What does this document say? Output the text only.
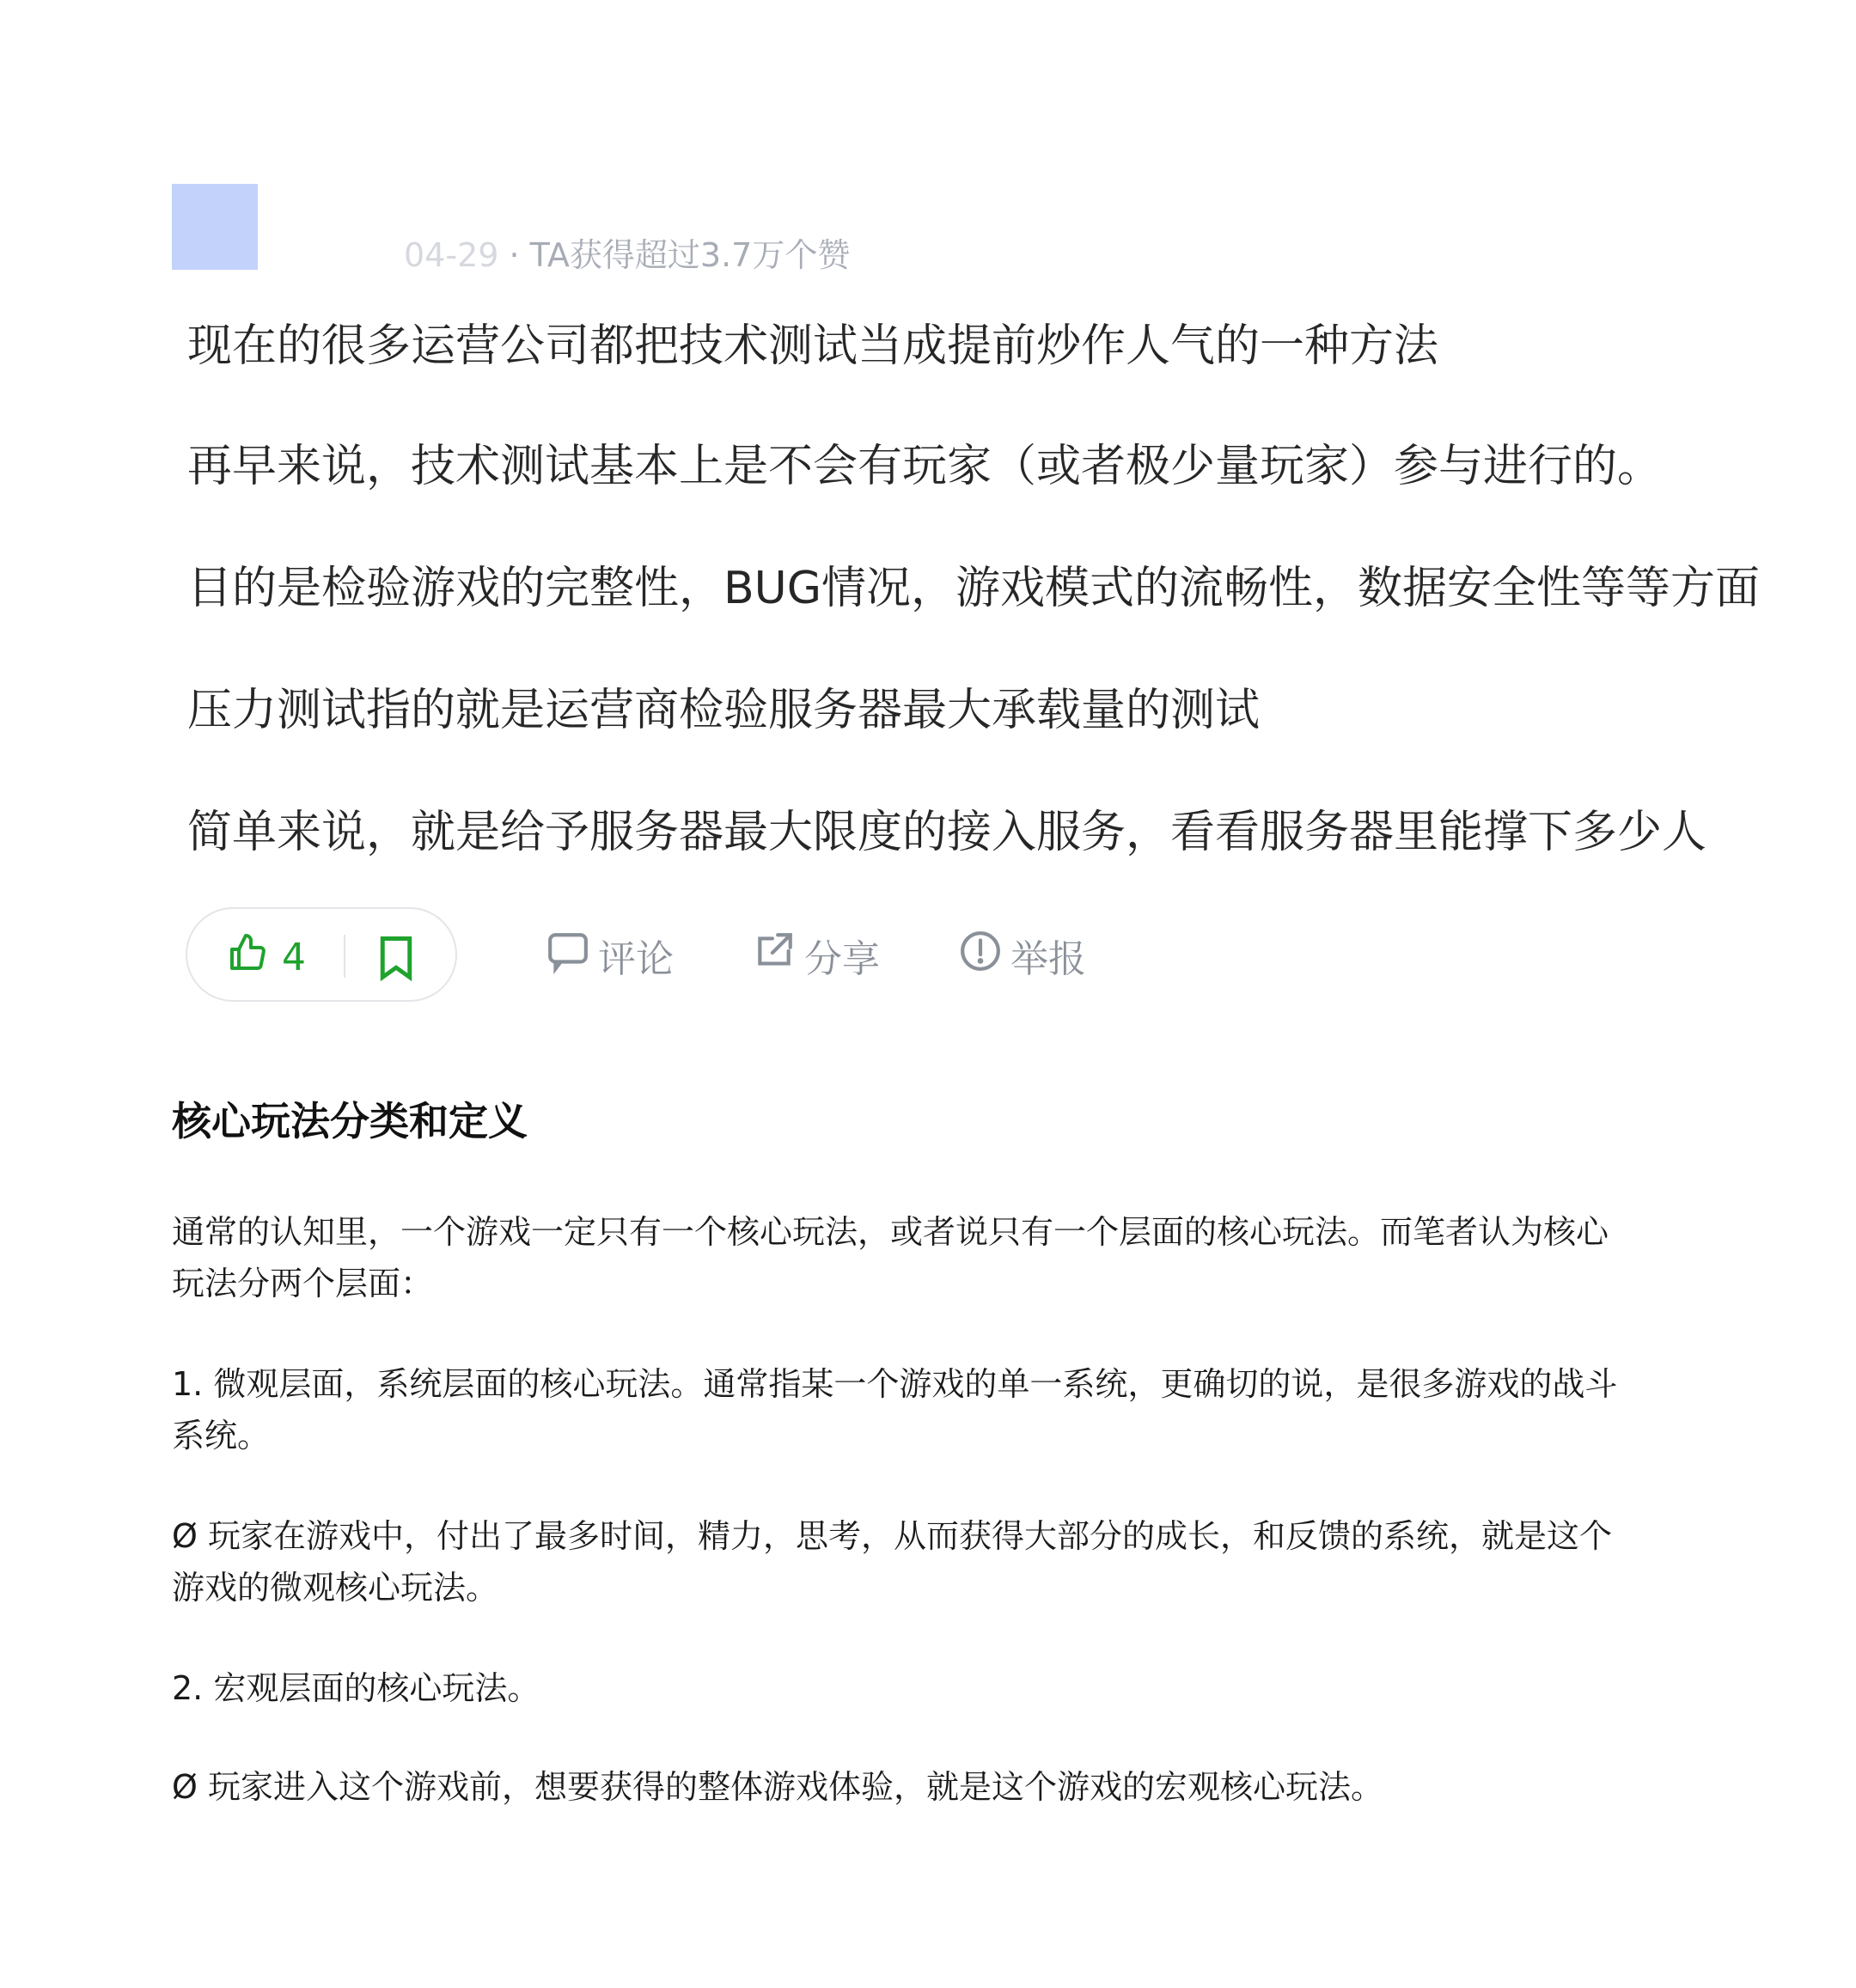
04-29 · TA获得超过3.7万个赞

现在的很多运营公司都把技术测试当成提前炒作人气的一种方法

再早来说，技术测试基本上是不会有玩家（或者极少量玩家）参与进行的。

目的是检验游戏的完整性，BUG情况，游戏模式的流畅性，数据安全性等等方面

压力测试指的就是运营商检验服务器最大承载量的测试

简单来说，就是给予服务器最大限度的接入服务，看看服务器里能撑下多少人

4	评论	分享	举报
核心玩法分类和定义

通常的认知里，一个游戏一定只有一个核心玩法，或者说只有一个层面的核心玩法。而笔者认为核心玩法分两个层面：

1. 微观层面，系统层面的核心玩法。通常指某一个游戏的单一系统，更确切的说，是很多游戏的战斗系统。

Ø 玩家在游戏中，付出了最多时间，精力，思考，从而获得大部分的成长，和反馈的系统，就是这个游戏的微观核心玩法。

2. 宏观层面的核心玩法。

Ø 玩家进入这个游戏前，想要获得的整体游戏体验，就是这个游戏的宏观核心玩法。
